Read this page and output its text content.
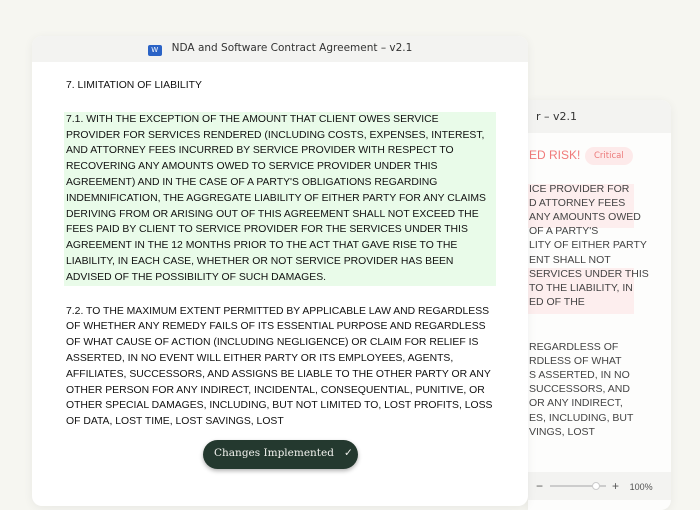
r – v2.1
ED RISK!	Critical
ICE PROVIDER FOR
D ATTORNEY FEES
ANY AMOUNTS OWED
OF A PARTY'S
LITY OF EITHER PARTY
ENT SHALL NOT
SERVICES UNDER THIS
TO THE LIABILITY, IN
ED OF THE
REGARDLESS OF
RDLESS OF WHAT
S ASSERTED, IN NO
SUCCESSORS, AND
OR ANY INDIRECT,
ES, INCLUDING, BUT
VINGS, LOST
−	+ 100%
W NDA and Software Contract Agreement – v2.1

7. LIMITATION OF LIABILITY

7.1. WITH THE EXCEPTION OF THE AMOUNT THAT CLIENT OWES SERVICE PROVIDER FOR SERVICES RENDERED (INCLUDING COSTS, EXPENSES, INTEREST, AND ATTORNEY FEES INCURRED BY SERVICE PROVIDER WITH RESPECT TO RECOVERING ANY AMOUNTS OWED TO SERVICE PROVIDER UNDER THIS AGREEMENT) AND IN THE CASE OF A PARTY'S OBLIGATIONS REGARDING INDEMNIFICATION, THE AGGREGATE LIABILITY OF EITHER PARTY FOR ANY CLAIMS DERIVING FROM OR ARISING OUT OF THIS AGREEMENT SHALL NOT EXCEED THE FEES PAID BY CLIENT TO SERVICE PROVIDER FOR THE SERVICES UNDER THIS AGREEMENT IN THE 12 MONTHS PRIOR TO THE ACT THAT GAVE RISE TO THE LIABILITY, IN EACH CASE, WHETHER OR NOT SERVICE PROVIDER HAS BEEN ADVISED OF THE POSSIBILITY OF SUCH DAMAGES.

7.2. TO THE MAXIMUM EXTENT PERMITTED BY APPLICABLE LAW AND REGARDLESS OF WHETHER ANY REMEDY FAILS OF ITS ESSENTIAL PURPOSE AND REGARDLESS OF WHAT CAUSE OF ACTION (INCLUDING NEGLIGENCE) OR CLAIM FOR RELIEF IS ASSERTED, IN NO EVENT WILL EITHER PARTY OR ITS EMPLOYEES, AGENTS, AFFILIATES, SUCCESSORS, AND ASSIGNS BE LIABLE TO THE OTHER PARTY OR ANY OTHER PERSON FOR ANY INDIRECT, INCIDENTAL, CONSEQUENTIAL, PUNITIVE, OR OTHER SPECIAL DAMAGES, INCLUDING, BUT NOT LIMITED TO, LOST PROFITS, LOSS OF DATA, LOST TIME, LOST SAVINGS, LOST

Changes Implemented ✓
